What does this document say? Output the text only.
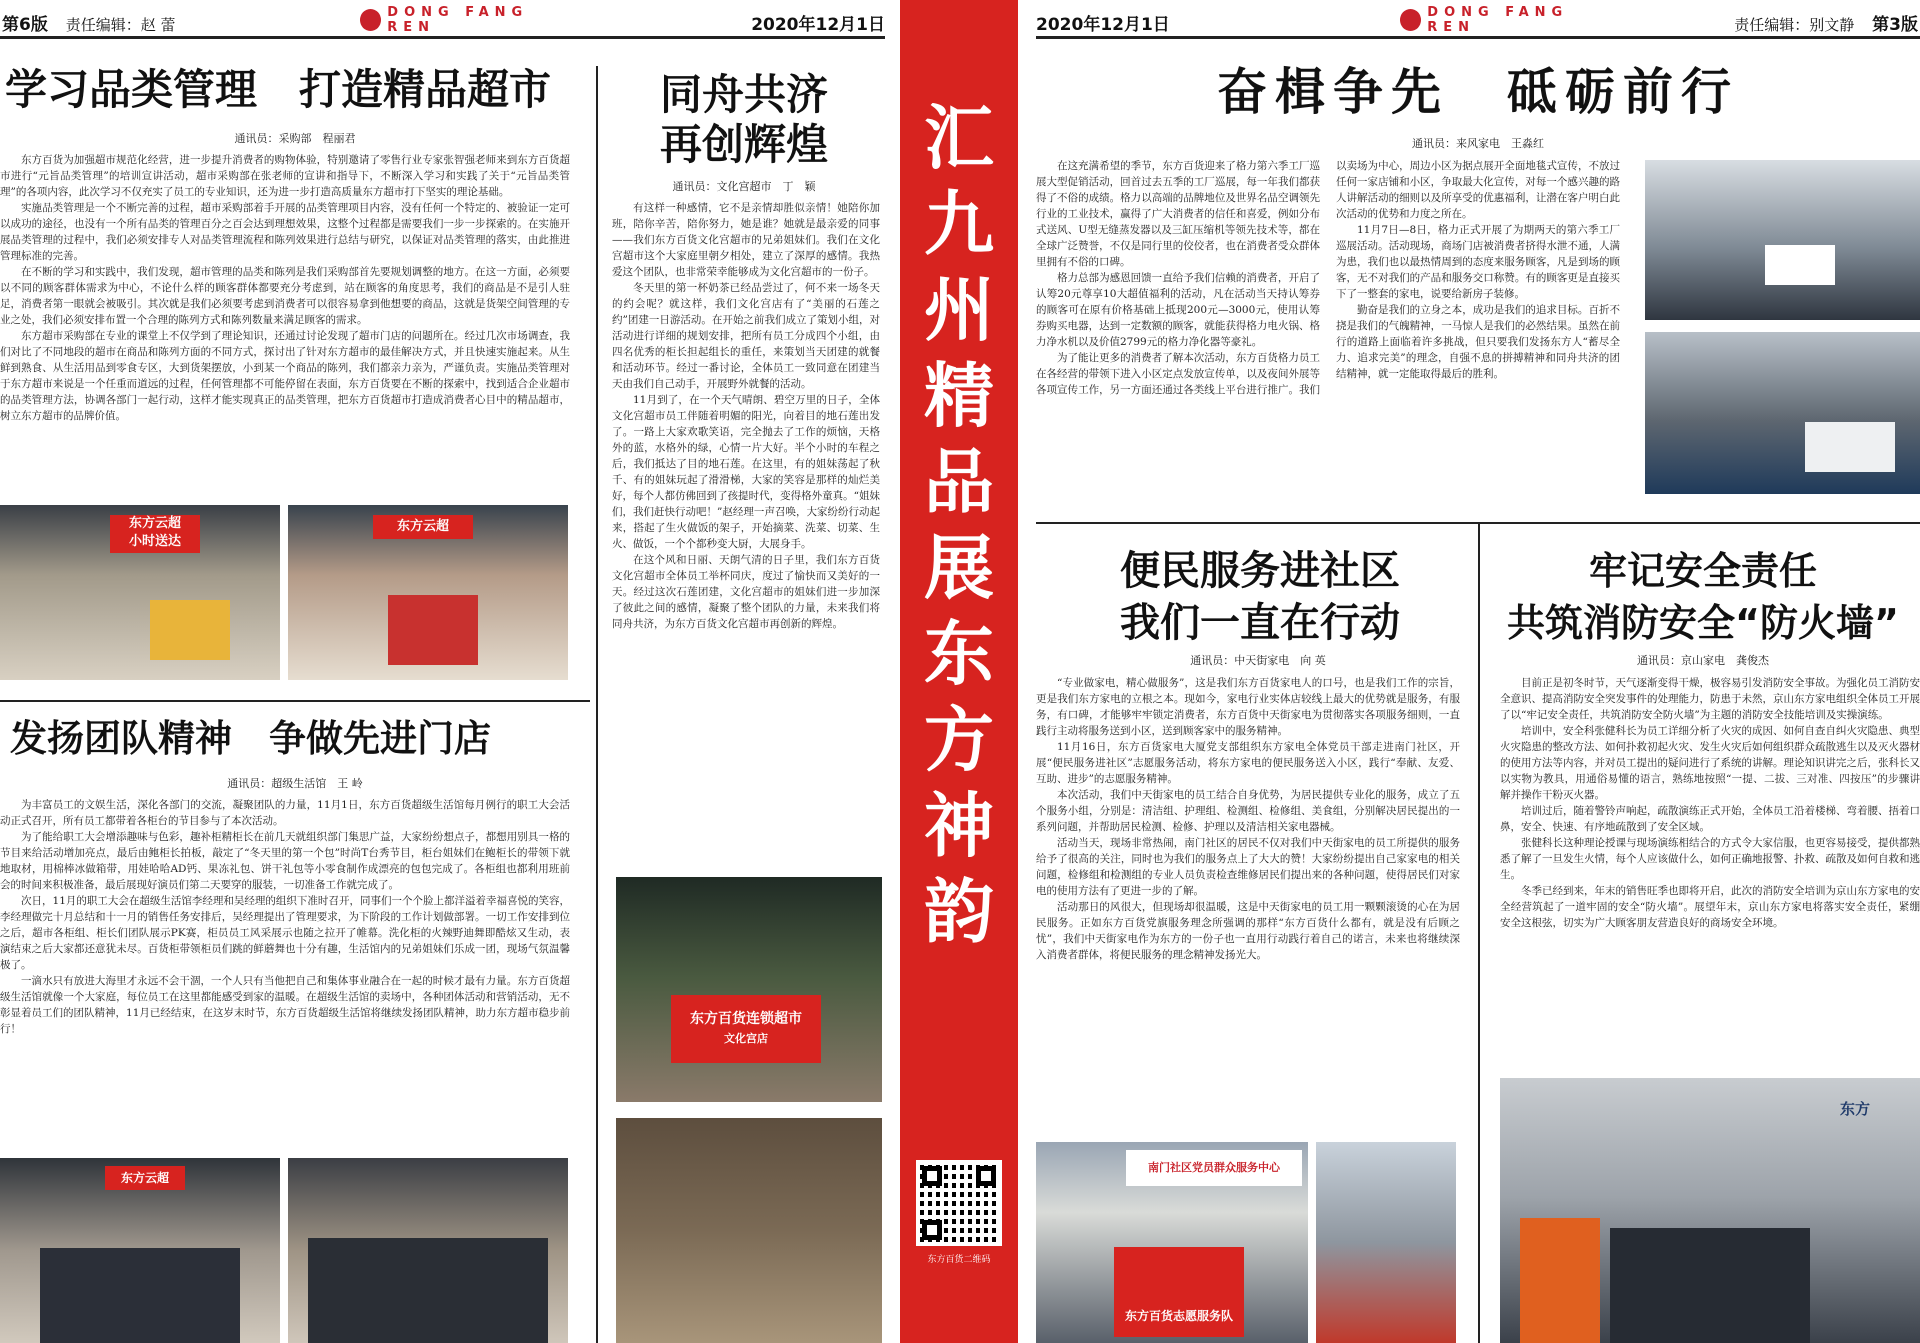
第6版 责任编辑：赵 蕾
DONG FANG REN	2020年12月1日
学习品类管理　打造精品超市
通讯员：采购部　程丽君

东方百货为加强超市规范化经营，进一步提升消费者的购物体验，特别邀请了零售行业专家张智强老师来到东方百货超市进行“元旨品类管理”的培训宣讲活动，超市采购部在张老师的宣讲和指导下，不断深入学习和实践了关于“元旨品类管理”的各项内容，此次学习不仅充实了员工的专业知识，还为进一步打造高质量东方超市打下坚实的理论基础。

实施品类管理是一个不断完善的过程，超市采购部着手开展的品类管理项目内容，没有任何一个特定的、被验证一定可以成功的途径，也没有一个所有品类的管理百分之百会达到理想效果，这整个过程都是需要我们一步一步探索的。在实施开展品类管理的过程中，我们必须安排专人对品类管理流程和陈列效果进行总结与研究，以保证对品类管理的落实，由此推进管理标准的完善。

在不断的学习和实践中，我们发现，超市管理的品类和陈列是我们采购部首先要规划调整的地方。在这一方面，必须要以不同的顾客群体需求为中心，不论什么样的顾客群体都要充分考虑到，站在顾客的角度思考，我们的商品是不是引人驻足，消费者第一眼就会被吸引。其次就是我们必须要考虑到消费者可以很容易拿到他想要的商品，这就是货架空间管理的专业之处，我们必须安排布置一个合理的陈列方式和陈列数量来满足顾客的需求。

东方超市采购部在专业的课堂上不仅学到了理论知识，还通过讨论发现了超市门店的问题所在。经过几次市场调查，我们对比了不同地段的超市在商品和陈列方面的不同方式，探讨出了针对东方超市的最佳解决方式，并且快速实施起来。从生鲜到熟食、从生活用品到零食专区，大到货架摆放，小到某一个商品的陈列，我们都亲力亲为，严谨负责。实施品类管理对于东方超市来说是一个任重而道远的过程，任何管理都不可能停留在表面，东方百货要在不断的探索中，找到适合企业超市的品类管理方法，协调各部门一起行动，这样才能实现真正的品类管理，把东方百货超市打造成消费者心目中的精品超市，树立东方超市的品牌价值。

东方云超
小时送达
东方云超
发扬团队精神　争做先进门店
通讯员：超级生活馆　王 岭

为丰富员工的文娱生活，深化各部门的交流，凝聚团队的力量，11月1日，东方百货超级生活馆每月例行的职工大会活动正式召开，所有员工都带着各柜台的节目参与了本次活动。

为了能给职工大会增添趣味与色彩，趣补柜精柜长在前几天就组织部门集思广益，大家纷纷想点子，都想用别具一格的节目来给活动增加亮点，最后由鲍柜长拍板，敲定了“冬天里的第一个包”时尚T台秀节目，柜台姐妹们在鲍柜长的带领下就地取材，用棉棒冰做箱带，用娃哈哈AD钙、果冻礼包、饼干礼包等小零食制作成漂亮的包包完成了。各柜组也都利用班前会的时间来积极准备，最后展现好演员们第二天要穿的服装，一切准备工作就完成了。

次日，11月的职工大会在超级生活馆李经理和吴经理的组织下准时召开，同事们一个个脸上都洋溢着幸福喜悦的笑容，李经理做完十月总结和十一月的销售任务安排后，吴经理提出了管理要求，为下阶段的工作计划做部署。一切工作安排到位之后，超市各柜组、柜长们团队展示PK赛，柜员员工风采展示也随之拉开了帷幕。洗化柜的火辣野迪舞即酷炫又生动，表演结束之后大家都还意犹未尽。百货柜带领柜员们跳的鲜蘑舞也十分有趣，生活馆内的兄弟姐妹们乐成一团，现场气氛温馨极了。

一滴水只有放进大海里才永远不会干涸，一个人只有当他把自己和集体事业融合在一起的时候才最有力量。东方百货超级生活馆就像一个大家庭，每位员工在这里都能感受到家的温暖。在超级生活馆的卖场中，各种团体活动和营销活动，无不彰显着员工们的团队精神，11月已经结束，在这岁末时节，东方百货超级生活馆将继续发扬团队精神，助力东方超市稳步前行！

东方云超
同舟共济
再创辉煌
通讯员：文化宫超市　丁　颖

有这样一种感情，它不是亲情却胜似亲情！她陪你加班，陪你辛苦，陪你努力，她是谁？她就是最亲爱的同事——我们东方百货文化宫超市的兄弟姐妹们。我们在文化宫超市这个大家庭里朝夕相处，建立了深厚的感情。我热爱这个团队，也非常荣幸能够成为文化宫超市的一份子。

冬天里的第一杯奶茶已经品尝过了，何不来一场冬天的约会呢？就这样，我们文化宫店有了“美丽的石莲之约”团建一日游活动。在开始之前我们成立了策划小组，对活动进行详细的规划安排，把所有员工分成四个小组，由四名优秀的柜长担起组长的重任，来策划当天团建的就餐和活动环节。经过一番讨论，全体员工一致同意在团建当天由我们自己动手，开展野外就餐的活动。

11月到了，在一个天气晴朗、碧空万里的日子，全体文化宫超市员工伴随着明媚的阳光，向着目的地石莲出发了。一路上大家欢歌笑语，完全抛去了工作的烦恼，天格外的蓝，水格外的绿，心情一片大好。半个小时的车程之后，我们抵达了目的地石莲。在这里，有的姐妹荡起了秋千、有的姐妹玩起了滑滑梯，大家的笑容是那样的灿烂美好，每个人都仿佛回到了孩提时代，变得格外童真。“姐妹们，我们赶快行动吧！”赵经理一声召唤，大家纷纷行动起来，搭起了生火做饭的架子，开始摘菜、洗菜、切菜、生火、做饭，一个个都秒变大厨，大展身手。

在这个风和日丽、天朗气清的日子里，我们东方百货文化宫超市全体员工举杯同庆，度过了愉快而又美好的一天。经过这次石莲团建，文化宫超市的姐妹们进一步加深了彼此之间的感情，凝聚了整个团队的力量，未来我们将同舟共济，为东方百货文化宫超市再创新的辉煌。

东方百货连锁超市
文化宫店
汇
九
州
精
品
展
东
方
神
韵
东方百货二维码
2020年12月1日
DONG FANG REN	责任编辑：别文静 第3版
奋楫争先　砥砺前行
通讯员：来风家电　王淼红

在这充满希望的季节，东方百货迎来了格力第六季工厂巡展大型促销活动，回首过去五季的工厂巡展，每一年我们都获得了不俗的成绩。格力以高端的品牌地位及世界名品空调领先行业的工业技术，赢得了广大消费者的信任和喜爱，例如分布式送风、U型无缝蒸发器以及三缸压缩机等领先技术等，都在全球广泛赞誉，不仅是同行里的佼佼者，也在消费者受众群体里拥有不俗的口碑。

格力总部为感恩回馈一直给予我们信赖的消费者，开启了认筹20元尊享10大超值福利的活动，凡在活动当天持认筹券的顾客可在原有价格基础上抵现200元—3000元，使用认筹券购买电器，达到一定数额的顾客，就能获得格力电火锅、格力净水机以及价值2799元的格力净化器等豪礼。

为了能让更多的消费者了解本次活动，东方百货格力员工在各经营的带领下进入小区定点发放宣传单，以及夜间外展等各项宣传工作，另一方面还通过各类线上平台进行推广。我们以卖场为中心，周边小区为据点展开全面地毯式宣传，不放过任何一家店铺和小区，争取最大化宣传，对每一个感兴趣的路人讲解活动的细则以及所享受的优惠福利，让潜在客户明白此次活动的优势和力度之所在。

11月7日—8日，格力正式开展了为期两天的第六季工厂巡展活动。活动现场，商场门店被消费者挤得水泄不通，人满为患，我们也以最热情周到的态度来服务顾客，凡是到场的顾客，无不对我们的产品和服务交口称赞。有的顾客更是直接买下了一整套的家电，说要给新房子装修。

勤奋是我们的立身之本，成功是我们的追求目标。百折不挠是我们的气魄精神，一马惊人是我们的必然结果。虽然在前行的道路上面临着许多挑战，但只要我们发扬东方人“蓄尽全力、追求完美”的理念，自强不息的拼搏精神和同舟共济的团结精神，就一定能取得最后的胜利。

便民服务进社区
我们一直在行动
通讯员：中天街家电　向 英

“专业做家电，精心做服务”，这是我们东方百货家电人的口号，也是我们工作的宗旨，更是我们东方家电的立根之本。现如今，家电行业实体店较线上最大的优势就是服务，有服务，有口碑，才能够牢牢锁定消费者，东方百货中天街家电为贯彻落实各项服务细则，一直践行主动将服务送到小区，送到顾客家中的服务精神。

11月16日，东方百货家电大厦党支部组织东方家电全体党员干部走进南门社区，开展“便民服务进社区”志愿服务活动，将东方家电的便民服务送入小区，践行“奉献、友爱、互助、进步”的志愿服务精神。

本次活动，我们中天街家电的员工结合自身优势，为居民提供专业化的服务，成立了五个服务小组，分别是：清洁组、护理组、检测组、检修组、美食组，分别解决居民提出的一系列问题，并帮助居民检测、检修、护理以及清洁相关家电器械。

活动当天，现场非常热闹，南门社区的居民不仅对我们中天街家电的员工所提供的服务给予了很高的关注，同时也为我们的服务点上了大大的赞！大家纷纷提出自己家家电的相关问题，检修组和检测组的专业人员负责检查维修居民们提出来的各种问题，使得居民们对家电的使用方法有了更进一步的了解。

活动那日的风很大，但现场却很温暖，这是中天街家电的员工用一颗颗滚烫的心在为居民服务。正如东方百货党旗服务理念所强调的那样“东方百货什么都有，就是没有后顾之忧”，我们中天街家电作为东方的一份子也一直用行动践行着自己的诺言，未来也将继续深入消费者群体，将便民服务的理念精神发扬光大。

南门社区党员群众服务中心
东方百货志愿服务队
牢记安全责任
共筑消防安全“防火墙”
通讯员：京山家电　龚俊杰

目前正是初冬时节，天气逐渐变得干燥，极容易引发消防安全事故。为强化员工消防安全意识、提高消防安全突发事件的处理能力，防患于未然，京山东方家电组织全体员工开展了以“牢记安全责任，共筑消防安全防火墙”为主题的消防安全技能培训及实操演练。

培训中，安全科张健科长为员工详细分析了火灾的成因、如何自查自纠火灾隐患、典型火灾隐患的整改方法、如何扑救初起火灾、发生火灾后如何组织群众疏散逃生以及灭火器材的使用方法等内容，并对员工提出的疑问进行了系统的讲解。理论知识讲完之后，张科长又以实物为教具，用通俗易懂的语言，熟练地按照“一提、二拔、三对准、四按压”的步骤讲解并操作干粉灭火器。

培训过后，随着警铃声响起，疏散演练正式开始，全体员工沿着楼梯、弯着腰、捂着口鼻，安全、快速、有序地疏散到了安全区域。

张健科长这种理论授课与现场演练相结合的方式令大家信服，也更容易接受，提供都熟悉了解了一旦发生火情，每个人应该做什么，如何正确地报警、扑救、疏散及如何自救和逃生。

冬季已经到来，年末的销售旺季也即将开启，此次的消防安全培训为京山东方家电的安全经营筑起了一道牢固的安全“防火墙”。展望年末，京山东方家电将落实安全责任，紧绷安全这根弦，切实为广大顾客朋友营造良好的商场安全环境。

东方
